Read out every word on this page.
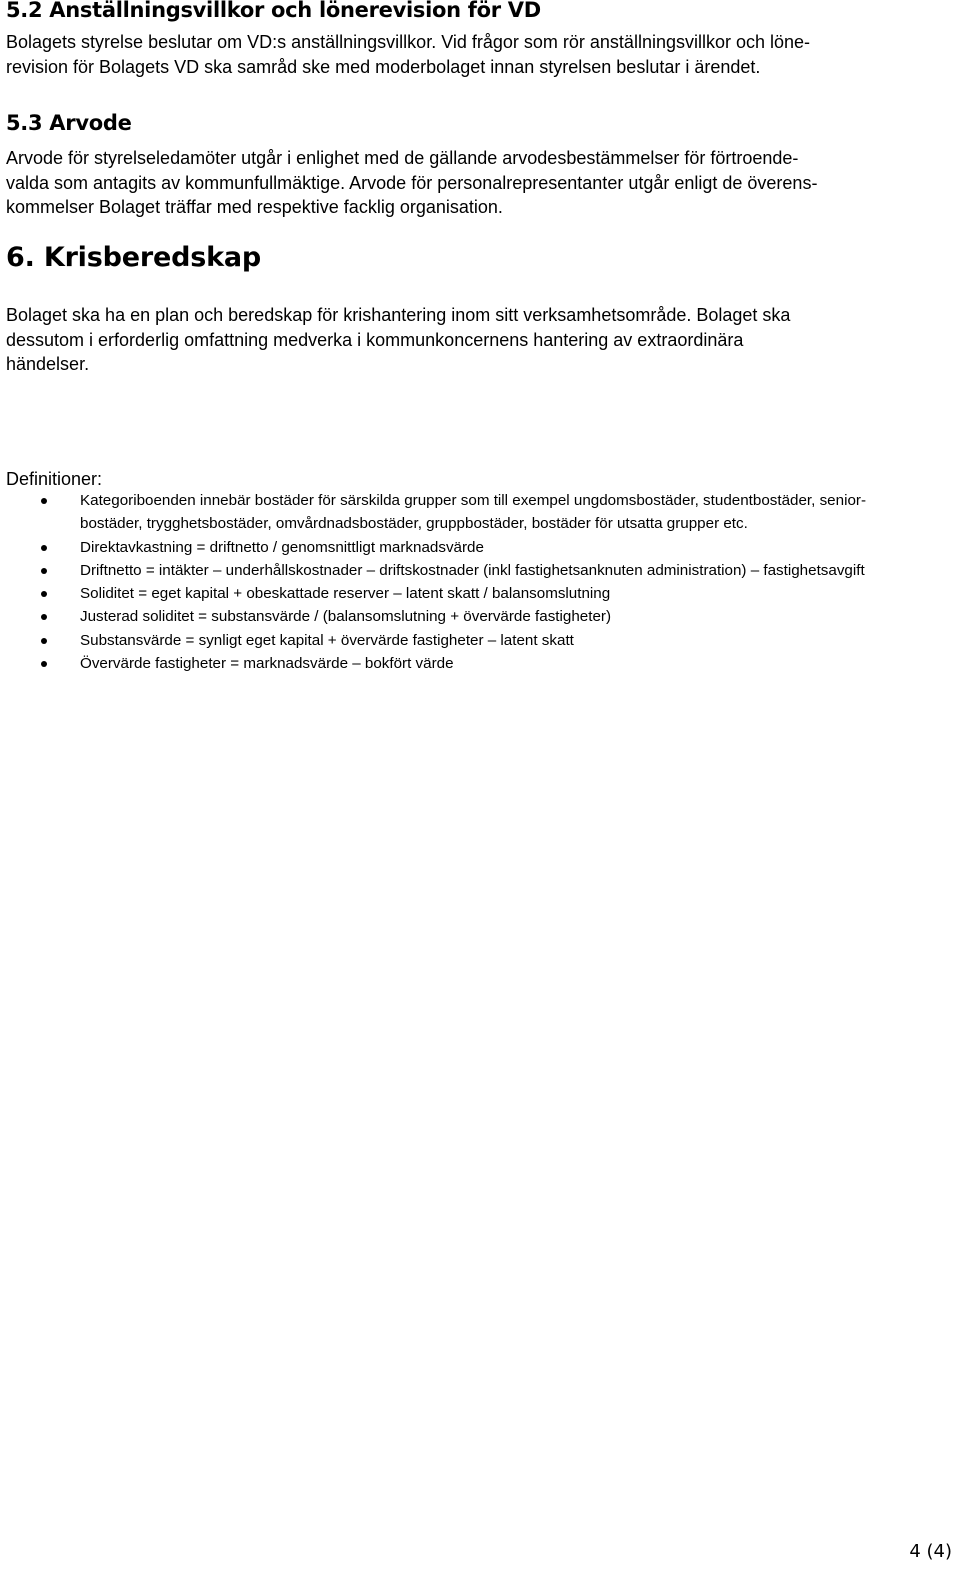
5.2 Anställningsvillkor och lönerevision för VD

Bolagets styrelse beslutar om VD:s anställningsvillkor. Vid frågor som rör anställningsvillkor och löne-
revision för Bolagets VD ska samråd ske med moderbolaget innan styrelsen beslutar i ärendet.

5.3 Arvode

Arvode för styrelseledamöter utgår i enlighet med de gällande arvodesbestämmelser för förtroende-
valda som antagits av kommunfullmäktige. Arvode för personalrepresentanter utgår enligt de överens-
kommelser Bolaget träffar med respektive facklig organisation.

6. Krisberedskap

Bolaget ska ha en plan och beredskap för krishantering inom sitt verksamhetsområde. Bolaget ska
dessutom i erforderlig omfattning medverka i kommunkoncernens hantering av extraordinära
händelser.

Definitioner:

Kategoriboenden innebär bostäder för särskilda grupper som till exempel ungdomsbostäder, studentbostäder, senior-
bostäder, trygghetsbostäder, omvårdnadsbostäder, gruppbostäder, bostäder för utsatta grupper etc.
Direktavkastning = driftnetto / genomsnittligt marknadsvärde
Driftnetto = intäkter – underhållskostnader – driftskostnader (inkl fastighetsanknuten administration) – fastighetsavgift
Soliditet = eget kapital + obeskattade reserver – latent skatt / balansomslutning
Justerad soliditet = substansvärde / (balansomslutning + övervärde fastigheter)
Substansvärde = synligt eget kapital + övervärde fastigheter – latent skatt
Övervärde fastigheter = marknadsvärde – bokfört värde

4 (4)
